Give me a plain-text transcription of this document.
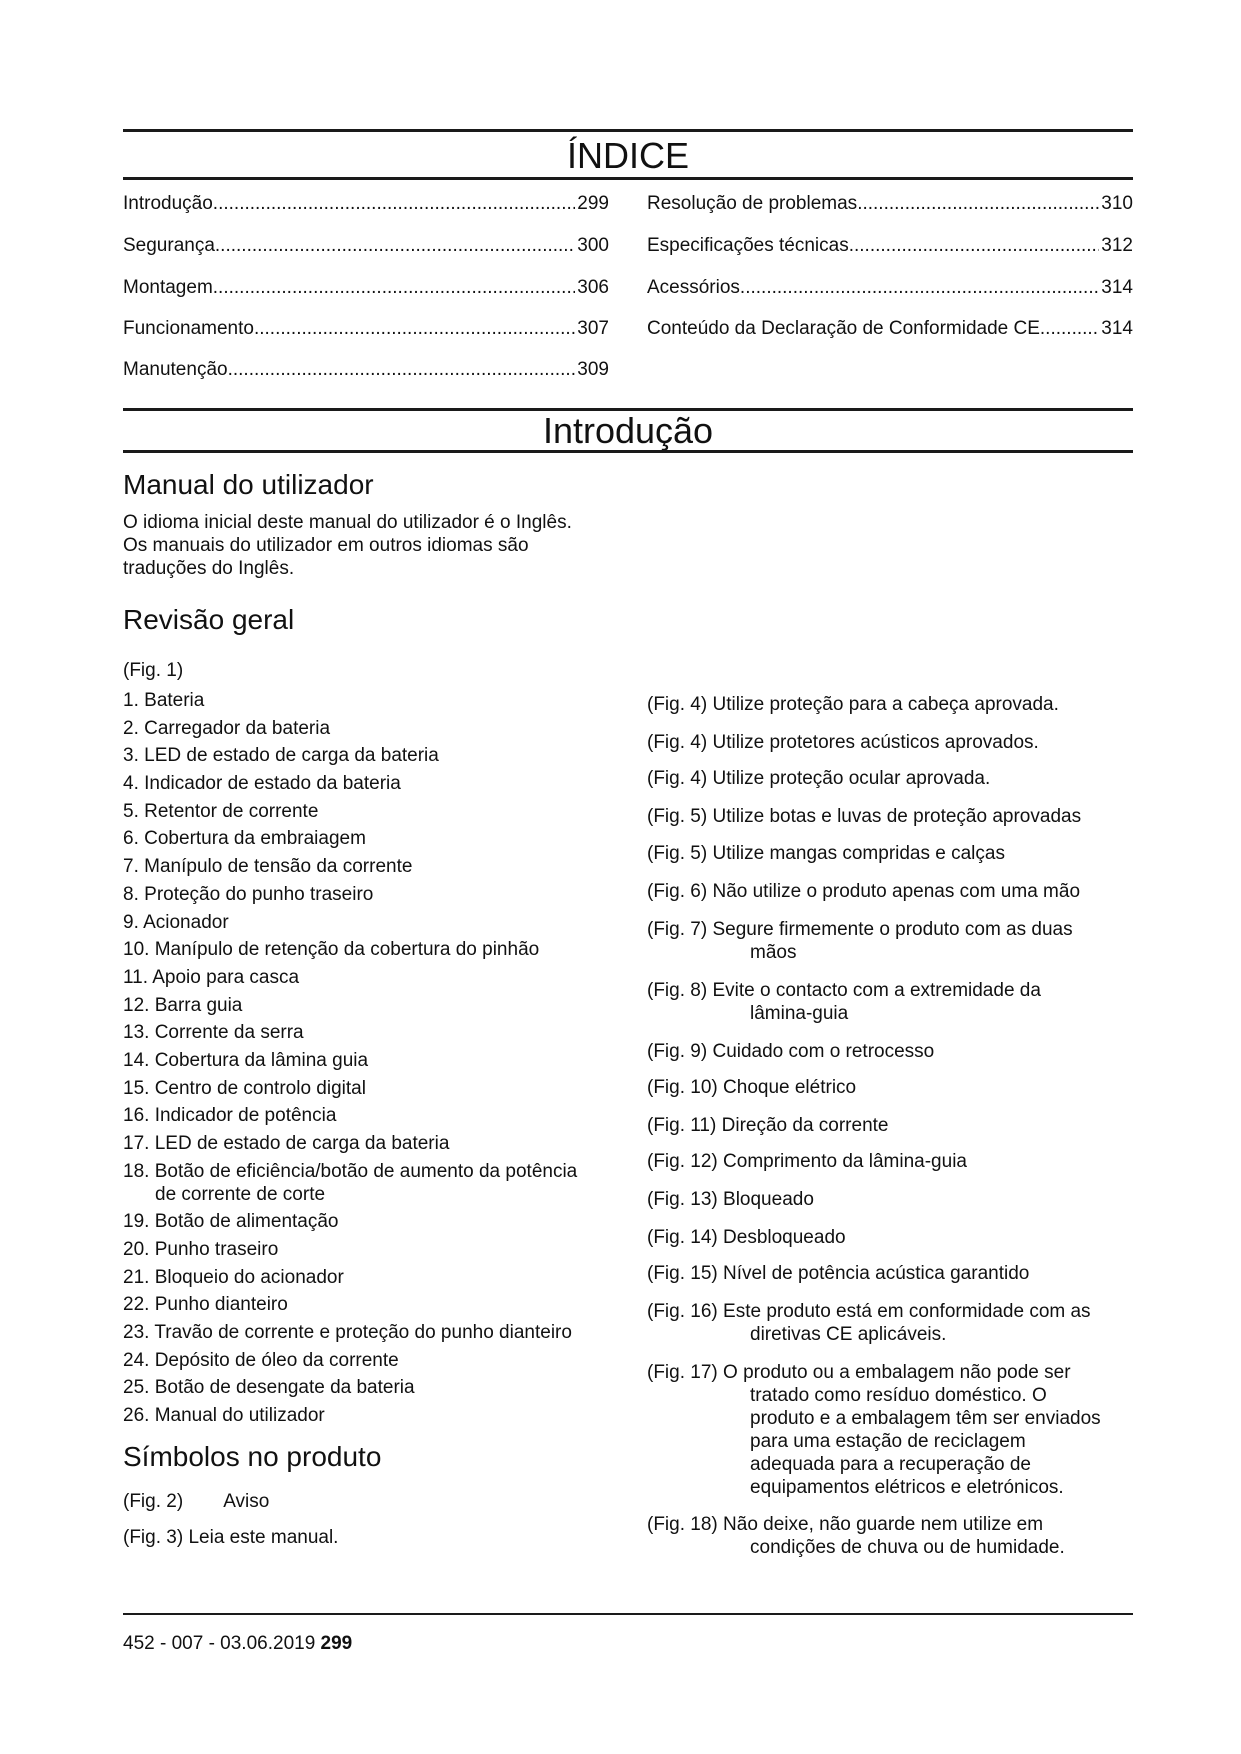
ÍNDICE
Introdução .....	299
Segurança .....	300
Montagem .....	306
Funcionamento .....	307
Manutenção .....	309
Resolução de problemas .....	310
Especificações técnicas .....	312
Acessórios .....	314
Conteúdo da Declaração de Conformidade CE .....	314
Introdução
Manual do utilizador

O idioma inicial deste manual do utilizador é o Inglês. Os manuais do utilizador em outros idiomas são traduções do Inglês.

Revisão geral

(Fig. 1)

1. Bateria
2. Carregador da bateria
3. LED de estado de carga da bateria
4. Indicador de estado da bateria
5. Retentor de corrente
6. Cobertura da embraiagem
7. Manípulo de tensão da corrente
8. Proteção do punho traseiro
9. Acionador
10. Manípulo de retenção da cobertura do pinhão
11. Apoio para casca
12. Barra guia
13. Corrente da serra
14. Cobertura da lâmina guia
15. Centro de controlo digital
16. Indicador de potência
17. LED de estado de carga da bateria
18. Botão de eficiência/botão de aumento da potência
de corrente de corte
19. Botão de alimentação
20. Punho traseiro
21. Bloqueio do acionador
22. Punho dianteiro
23. Travão de corrente e proteção do punho dianteiro
24. Depósito de óleo da corrente
25. Botão de desengate da bateria
26. Manual do utilizador
Símbolos no produto

(Fig. 2) Aviso

(Fig. 3) Leia este manual.

(Fig. 4) Utilize proteção para a cabeça aprovada.
(Fig. 4) Utilize protetores acústicos aprovados.
(Fig. 4) Utilize proteção ocular aprovada.
(Fig. 5) Utilize botas e luvas de proteção aprovadas
(Fig. 5) Utilize mangas compridas e calças
(Fig. 6) Não utilize o produto apenas com uma mão
(Fig. 7) Segure firmemente o produto com as duas
mãos
(Fig. 8) Evite o contacto com a extremidade da
lâmina-guia
(Fig. 9) Cuidado com o retrocesso
(Fig. 10) Choque elétrico
(Fig. 11) Direção da corrente
(Fig. 12) Comprimento da lâmina-guia
(Fig. 13) Bloqueado
(Fig. 14) Desbloqueado
(Fig. 15) Nível de potência acústica garantido
(Fig. 16) Este produto está em conformidade com as
diretivas CE aplicáveis.
(Fig. 17) O produto ou a embalagem não pode ser
tratado como resíduo doméstico. O produto e a embalagem têm ser enviados para uma estação de reciclagem adequada para a recuperação de equipamentos elétricos e eletrónicos.
(Fig. 18) Não deixe, não guarde nem utilize em
condições de chuva ou de humidade.
452 - 007 - 03.06.2019 299
